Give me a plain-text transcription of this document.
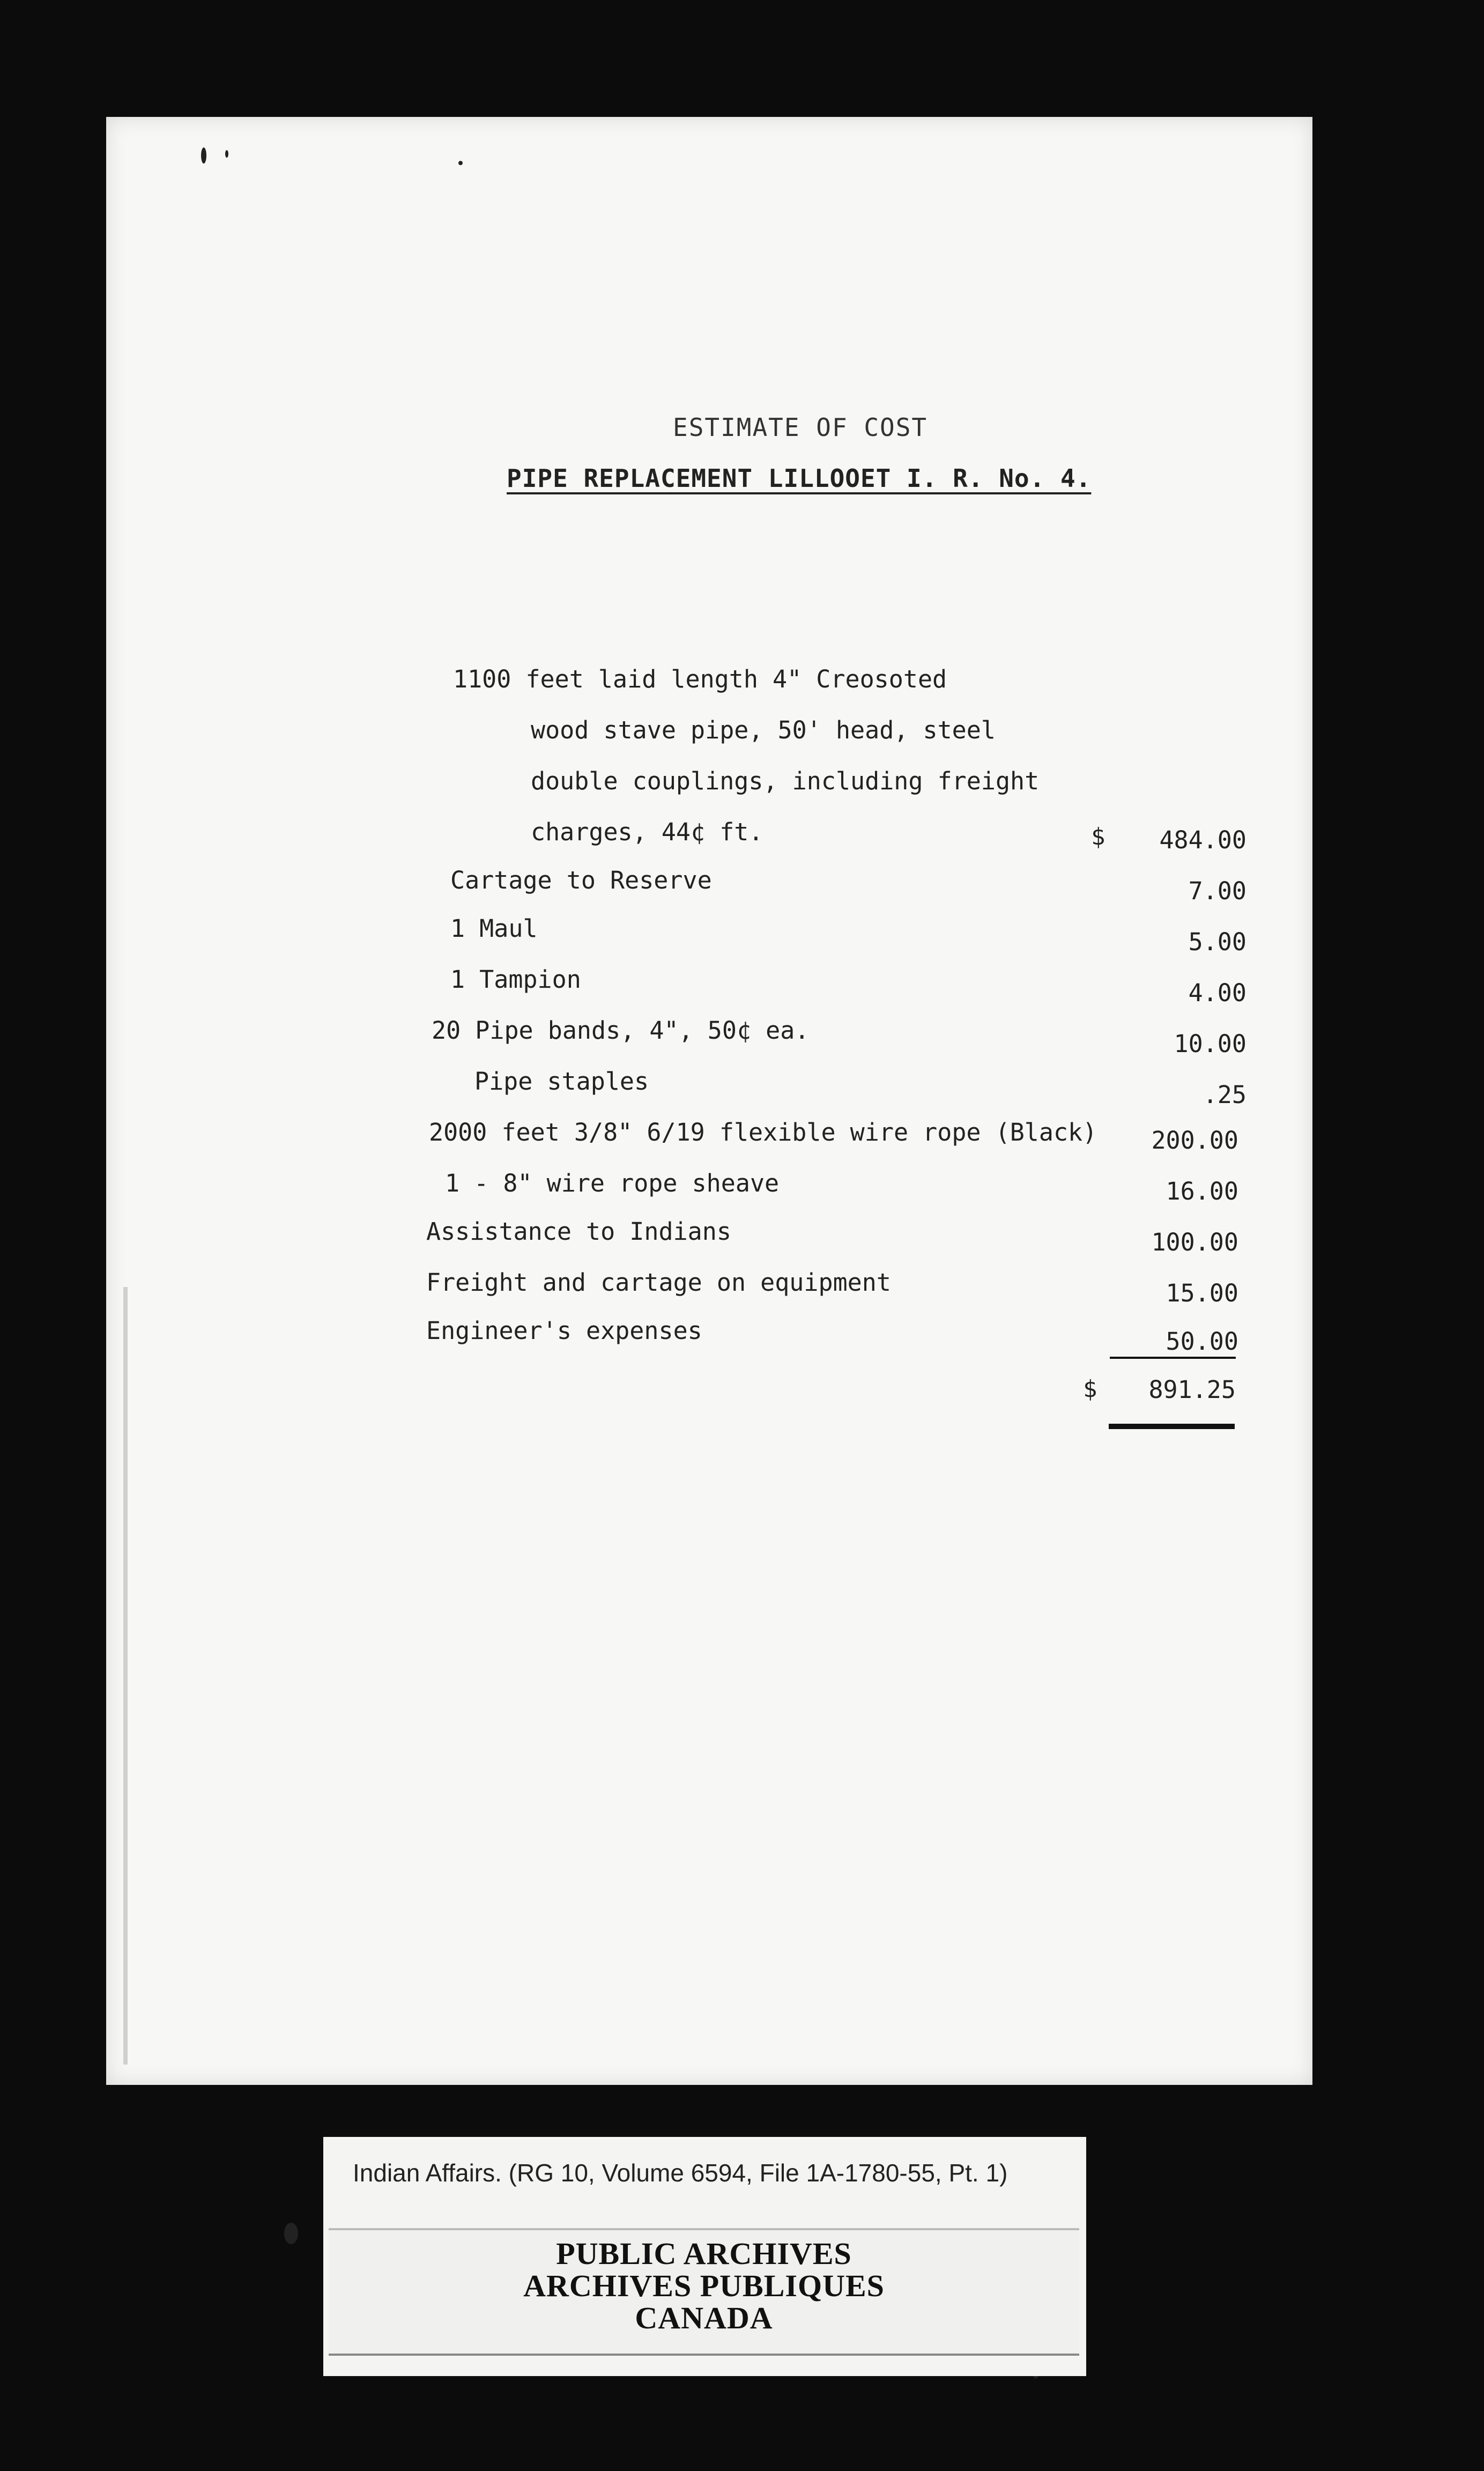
ESTIMATE OF COST
PIPE REPLACEMENT LILLOOET I. R. No. 4.
1100 feet laid length 4" Creosoted
wood stave pipe, 50' head, steel
double couplings, including freight
charges, 44¢ ft.	$	484.00
Cartage to Reserve	7.00
1 Maul	5.00
1 Tampion	4.00
20 Pipe bands, 4", 50¢ ea.	10.00
Pipe staples	.25
2000 feet 3/8" 6/19 flexible wire rope (Black)	200.00
1 - 8" wire rope sheave	16.00
Assistance to Indians	100.00
Freight and cartage on equipment	15.00
Engineer's expenses	50.00
$	891.25
Indian Affairs. (RG 10, Volume 6594, File 1A-1780-55, Pt. 1)
PUBLIC ARCHIVES
ARCHIVES PUBLIQUES
CANADA
